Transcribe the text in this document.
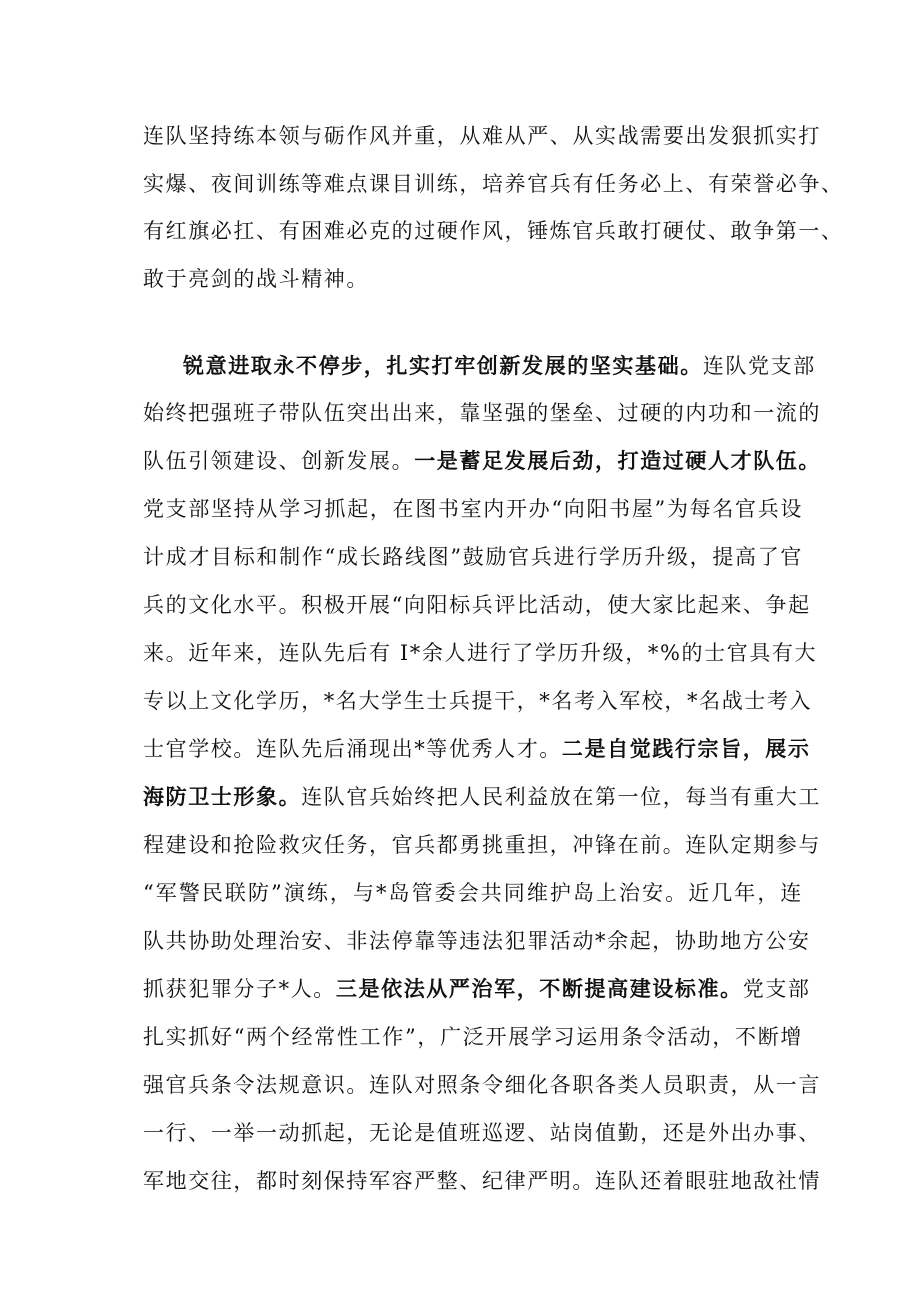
连队坚持练本领与砺作风并重，从难从严、从实战需要出发狠抓实打
实爆、夜间训练等难点课目训练，培养官兵有任务必上、有荣誉必争、
有红旗必扛、有困难必克的过硬作风，锤炼官兵敢打硬仗、敢争第一、
敢于亮剑的战斗精神。
锐意进取永不停步，扎实打牢创新发展的坚实基础。连队党支部
始终把强班子带队伍突出出来，靠坚强的堡垒、过硬的内功和一流的
队伍引领建设、创新发展。一是蓄足发展后劲，打造过硬人才队伍。
党支部坚持从学习抓起，在图书室内开办“向阳书屋”为每名官兵设
计成才目标和制作“成长路线图”鼓励官兵进行学历升级，提高了官
兵的文化水平。积极开展“向阳标兵评比活动，使大家比起来、争起
来。近年来，连队先后有 I*余人进行了学历升级，*%的士官具有大
专以上文化学历，*名大学生士兵提干，*名考入军校，*名战士考入
士官学校。连队先后涌现出*等优秀人才。二是自觉践行宗旨，展示
海防卫士形象。连队官兵始终把人民利益放在第一位，每当有重大工
程建设和抢险救灾任务，官兵都勇挑重担，冲锋在前。连队定期参与
“军警民联防”演练，与*岛管委会共同维护岛上治安。近几年，连
队共协助处理治安、非法停靠等违法犯罪活动*余起，协助地方公安
抓获犯罪分子*人。三是依法从严治军，不断提高建设标准。党支部
扎实抓好“两个经常性工作”，广泛开展学习运用条令活动，不断增
强官兵条令法规意识。连队对照条令细化各职各类人员职责，从一言
一行、一举一动抓起，无论是值班巡逻、站岗值勤，还是外出办事、
军地交往，都时刻保持军容严整、纪律严明。连队还着眼驻地敌社情
